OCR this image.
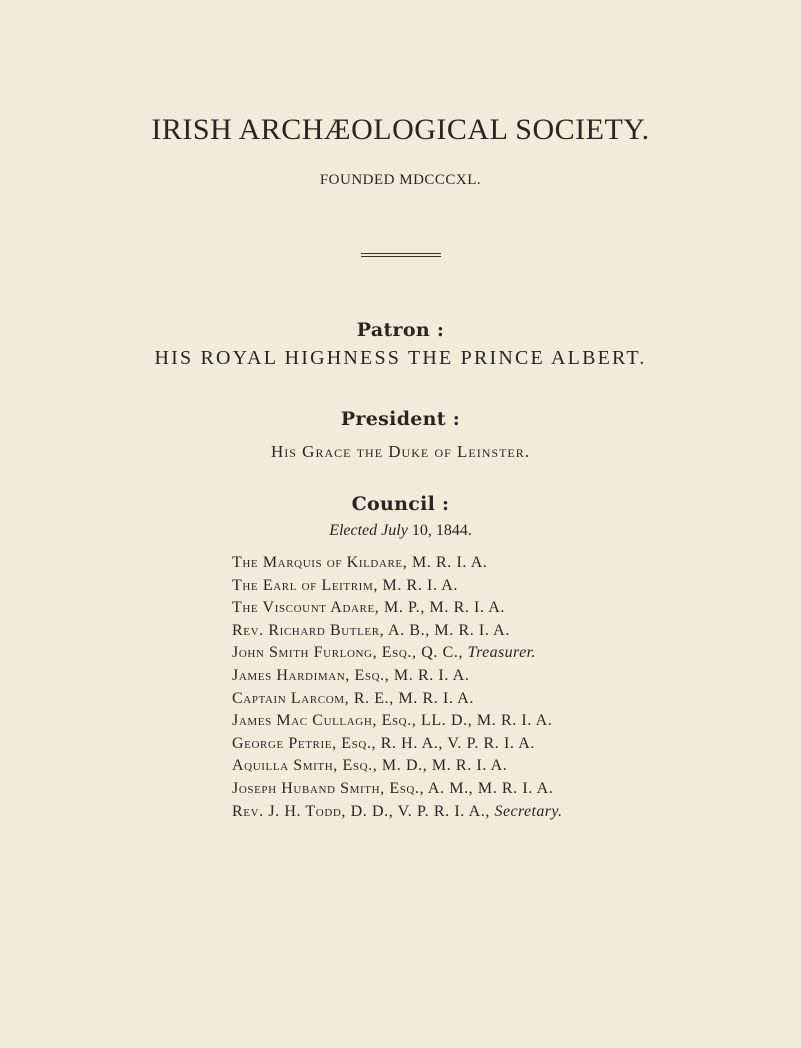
IRISH ARCHÆOLOGICAL SOCIETY.

FOUNDED MDCCCXL.

Patron :

HIS ROYAL HIGHNESS THE PRINCE ALBERT.

President :

His Grace the Duke of Leinster.

Council :

Elected July 10, 1844.

The Marquis of Kildare, M. R. I. A.
The Earl of Leitrim, M. R. I. A.
The Viscount Adare, M. P., M. R. I. A.
Rev. Richard Butler, A. B., M. R. I. A.
John Smith Furlong, Esq., Q. C., Treasurer.
James Hardiman, Esq., M. R. I. A.
Captain Larcom, R. E., M. R. I. A.
James Mac Cullagh, Esq., LL. D., M. R. I. A.
George Petrie, Esq., R. H. A., V. P. R. I. A.
Aquilla Smith, Esq., M. D., M. R. I. A.
Joseph Huband Smith, Esq., A. M., M. R. I. A.
Rev. J. H. Todd, D. D., V. P. R. I. A., Secretary.
